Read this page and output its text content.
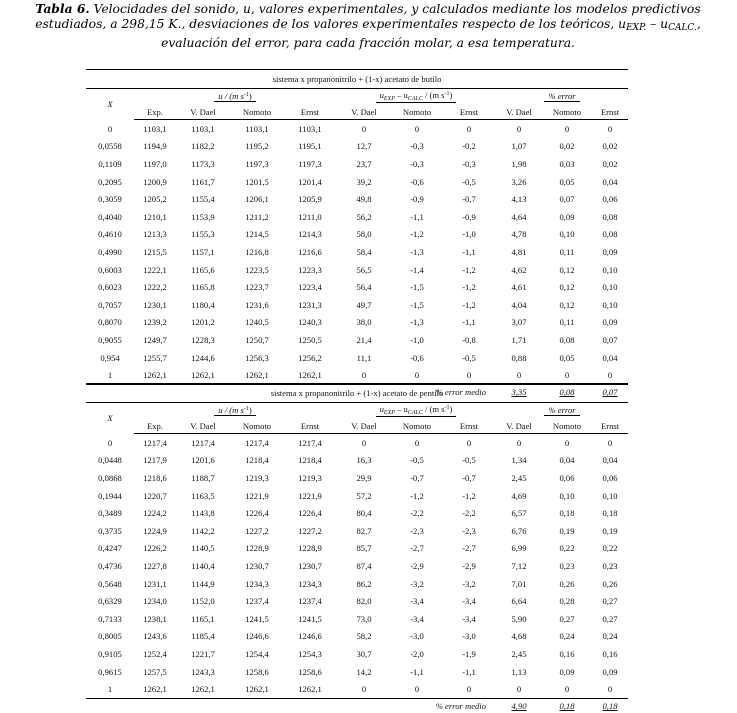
Tabla 6. Velocidades del sonido, u, valores experimentales, y calculados mediante los modelos predictivos estudiados, a 298,15 K., desviaciones de los valores experimentales respecto de los teóricos, $u_{EXP.} - u_{CALC.}$, evaluación del error, para cada fracción molar, a esa temperatura.
sistema x propanonitrilo + (1-x) acetato de butilo										
X	u / (m $s^{-1}$)				$u_{EXP} - u_{CALC} / (m$ $s^{-1}$)			% error		
	Exp.	V. Dael	Nomoto	Ernst	V. Dael	Nomoto	Ernst	V. Dael	Nomoto	Ernst
0	1103,1	1103,1	1103,1	1103,1	0	0	0	0	0	0
0,0558	1194,9	1182,2	1195,2	1195,1	12,7	-0,3	-0,2	1,07	0,02	0,02
0,1109	1197,0	1173,3	1197,3	1197,3	23,7	-0,3	-0,3	1,98	0,03	0,02
0,2095	1200,9	1161,7	1201,5	1201,4	39,2	-0,6	-0,5	3,26	0,05	0,04
0,3059	1205,2	1155,4	1206,1	1205,9	49,8	-0,9	-0,7	4,13	0,07	0,06
0,4040	1210,1	1153,9	1211,2	1211,0	56,2	-1,1	-0,9	4,64	0,09	0,08
0,4610	1213,3	1155,3	1214,5	1214,3	58,0	-1,2	-1,0	4,78	0,10	0,08
0,4990	1215,5	1157,1	1216,8	1216,6	58,4	-1,3	-1,1	4,81	0,11	0,09
0,6003	1222,1	1165,6	1223,5	1223,3	56,5	-1,4	-1,2	4,62	0,12	0,10
0,6023	1222,2	1165,8	1223,7	1223,4	56,4	-1,5	-1,2	4,61	0,12	0,10
0,7057	1230,1	1180,4	1231,6	1231,3	49,7	-1,5	-1,2	4,04	0,12	0,10
0,8070	1239,2	1201,2	1240,5	1240,3	38,0	-1,3	-1,1	3,07	0,11	0,09
0,9055	1249,7	1228,3	1250,7	1250,5	21,4	-1,0	-0,8	1,71	0,08	0,07
0,954	1255,7	1244,6	1256,3	1256,2	11,1	-0,6	-0,5	0,88	0,05	0,04
1	1262,1	1262,1	1262,1	1262,1	0	0	0	0	0	0
% error medio								3,35	0,08	0,07
sistema x propanonitrilo + (1-x) acetato de pentilo										
X	u / (m $s^{-1}$)				$u_{EXP} - u_{CALC} / (m$ $s^{-1}$)			% error		
	Exp.	V. Dael	Nomoto	Ernst	V. Dael	Nomoto	Ernst	V. Dael	Nomoto	Ernst
0	1217,4	1217,4	1217,4	1217,4	0	0	0	0	0	0
0,0448	1217,9	1201,6	1218,4	1218,4	16,3	-0,5	-0,5	1,34	0,04	0,04
0,0868	1218,6	1188,7	1219,3	1219,3	29,9	-0,7	-0,7	2,45	0,06	0,06
0,1944	1220,7	1163,5	1221,9	1221,9	57,2	-1,2	-1,2	4,69	0,10	0,10
0,3489	1224,2	1143,8	1226,4	1226,4	80,4	-2,2	-2,2	6,57	0,18	0,18
0,3735	1224,9	1142,2	1227,2	1227,2	82,7	-2,3	-2,3	6,76	0,19	0,19
0,4247	1226,2	1140,5	1228,9	1228,9	85,7	-2,7	-2,7	6,99	0,22	0,22
0,4736	1227,8	1140,4	1230,7	1230,7	87,4	-2,9	-2,9	7,12	0,23	0,23
0,5648	1231,1	1144,9	1234,3	1234,3	86,2	-3,2	-3,2	7,01	0,26	0,26
0,6329	1234,0	1152,0	1237,4	1237,4	82,0	-3,4	-3,4	6,64	0,28	0,27
0,7133	1238,1	1165,1	1241,5	1241,5	73,0	-3,4	-3,4	5,90	0,27	0,27
0,8005	1243,6	1185,4	1246,6	1246,6	58,2	-3,0	-3,0	4,68	0,24	0,24
0,9105	1252,4	1221,7	1254,4	1254,3	30,7	-2,0	-1,9	2,45	0,16	0,16
0,9615	1257,5	1243,3	1258,6	1258,6	14,2	-1,1	-1,1	1,13	0,09	0,09
1	1262,1	1262,1	1262,1	1262,1	0	0	0	0	0	0
% error medio								4,90	0,18	0,18
